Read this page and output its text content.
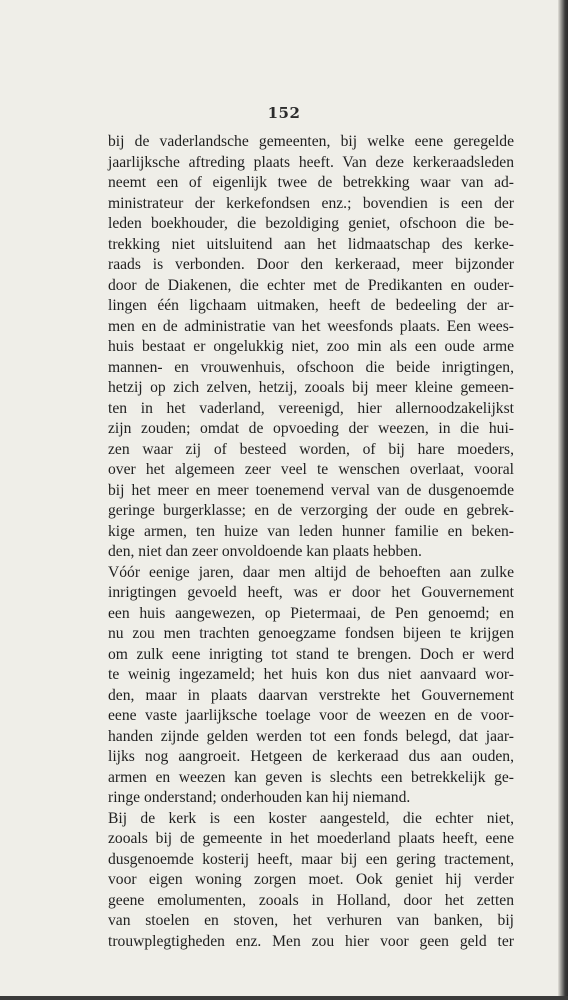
152
bij de vaderlandsche gemeenten, bij welke eene geregelde
jaarlijksche aftreding plaats heeft. Van deze kerkeraadsleden
neemt een of eigenlijk twee de betrekking waar van ad-
ministrateur der kerkefondsen enz.; bovendien is een der
leden boekhouder, die bezoldiging geniet, ofschoon die be-
trekking niet uitsluitend aan het lidmaatschap des kerke-
raads is verbonden. Door den kerkeraad, meer bijzonder
door de Diakenen, die echter met de Predikanten en ouder-
lingen één ligchaam uitmaken, heeft de bedeeling der ar-
men en de administratie van het weesfonds plaats. Een wees-
huis bestaat er ongelukkig niet, zoo min als een oude arme
mannen- en vrouwenhuis, ofschoon die beide inrigtingen,
hetzij op zich zelven, hetzij, zooals bij meer kleine gemeen-
ten in het vaderland, vereenigd, hier allernoodzakelijkst
zijn zouden; omdat de opvoeding der weezen, in die hui-
zen waar zij of besteed worden, of bij hare moeders,
over het algemeen zeer veel te wenschen overlaat, vooral
bij het meer en meer toenemend verval van de dusgenoemde
geringe burgerklasse; en de verzorging der oude en gebrek-
kige armen, ten huize van leden hunner familie en beken-
den, niet dan zeer onvoldoende kan plaats hebben.
Vóór eenige jaren, daar men altijd de behoeften aan zulke
inrigtingen gevoeld heeft, was er door het Gouvernement
een huis aangewezen, op Pietermaai, de Pen genoemd; en
nu zou men trachten genoegzame fondsen bijeen te krijgen
om zulk eene inrigting tot stand te brengen. Doch er werd
te weinig ingezameld; het huis kon dus niet aanvaard wor-
den, maar in plaats daarvan verstrekte het Gouvernement
eene vaste jaarlijksche toelage voor de weezen en de voor-
handen zijnde gelden werden tot een fonds belegd, dat jaar-
lijks nog aangroeit. Hetgeen de kerkeraad dus aan ouden,
armen en weezen kan geven is slechts een betrekkelijk ge-
ringe onderstand; onderhouden kan hij niemand.
Bij de kerk is een koster aangesteld, die echter niet,
zooals bij de gemeente in het moederland plaats heeft, eene
dusgenoemde kosterij heeft, maar bij een gering tractement,
voor eigen woning zorgen moet. Ook geniet hij verder
geene emolumenten, zooals in Holland, door het zetten
van stoelen en stoven, het verhuren van banken, bij
trouwplegtigheden enz. Men zou hier voor geen geld ter
